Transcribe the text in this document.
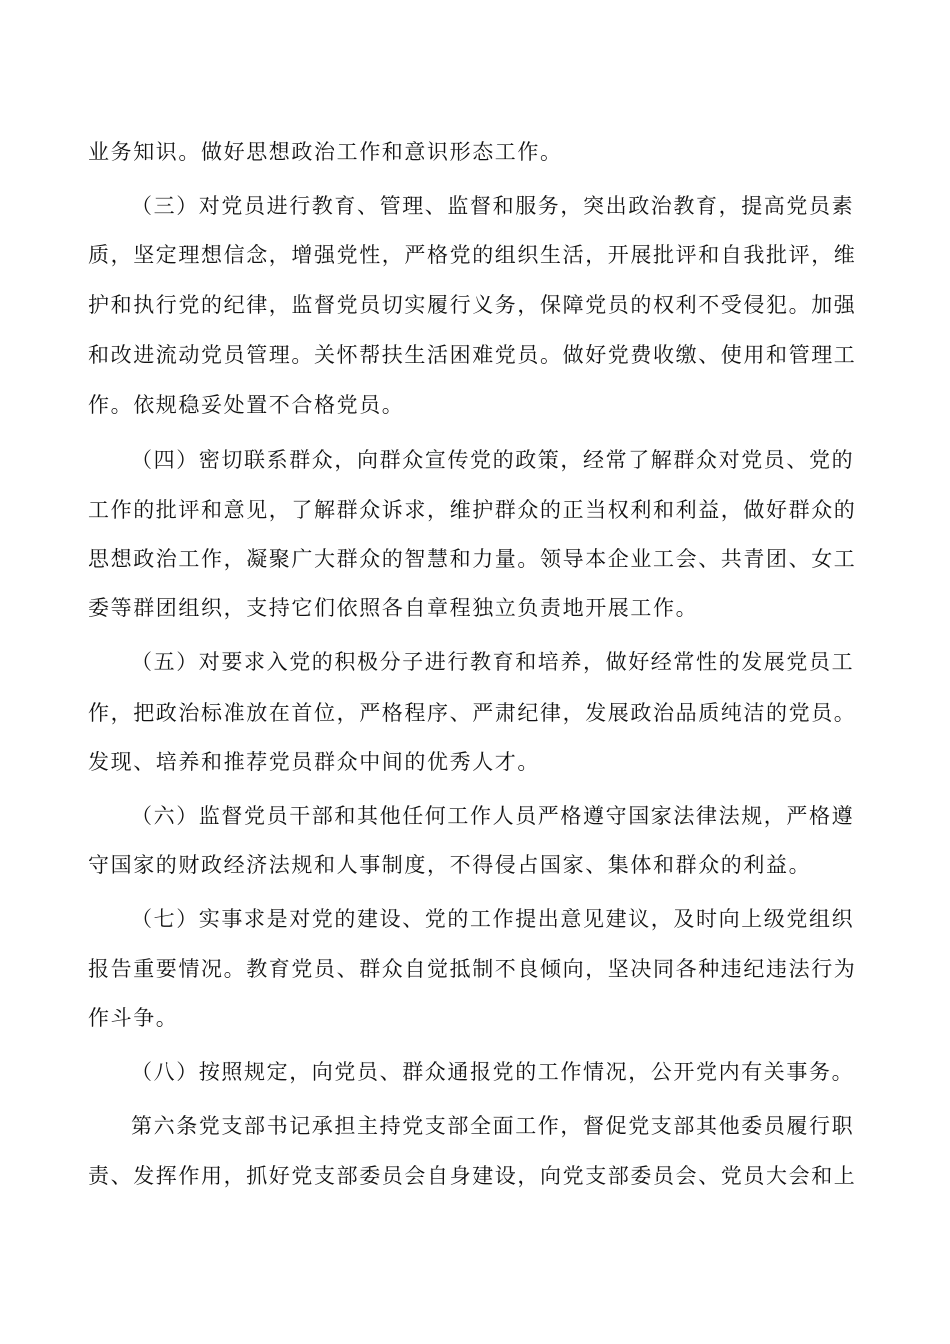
业务知识。做好思想政治工作和意识形态工作。
（三）对党员进行教育、管理、监督和服务，突出政治教育，提高党员素
质，坚定理想信念，增强党性，严格党的组织生活，开展批评和自我批评，维
护和执行党的纪律，监督党员切实履行义务，保障党员的权利不受侵犯。加强
和改进流动党员管理。关怀帮扶生活困难党员。做好党费收缴、使用和管理工
作。依规稳妥处置不合格党员。
（四）密切联系群众，向群众宣传党的政策，经常了解群众对党员、党的
工作的批评和意见，了解群众诉求，维护群众的正当权利和利益，做好群众的
思想政治工作，凝聚广大群众的智慧和力量。领导本企业工会、共青团、女工
委等群团组织，支持它们依照各自章程独立负责地开展工作。
（五）对要求入党的积极分子进行教育和培养，做好经常性的发展党员工
作，把政治标准放在首位，严格程序、严肃纪律，发展政治品质纯洁的党员。
发现、培养和推荐党员群众中间的优秀人才。
（六）监督党员干部和其他任何工作人员严格遵守国家法律法规，严格遵
守国家的财政经济法规和人事制度，不得侵占国家、集体和群众的利益。
（七）实事求是对党的建设、党的工作提出意见建议，及时向上级党组织
报告重要情况。教育党员、群众自觉抵制不良倾向，坚决同各种违纪违法行为
作斗争。
（八）按照规定，向党员、群众通报党的工作情况，公开党内有关事务。
第六条党支部书记承担主持党支部全面工作，督促党支部其他委员履行职
责、发挥作用，抓好党支部委员会自身建设，向党支部委员会、党员大会和上
